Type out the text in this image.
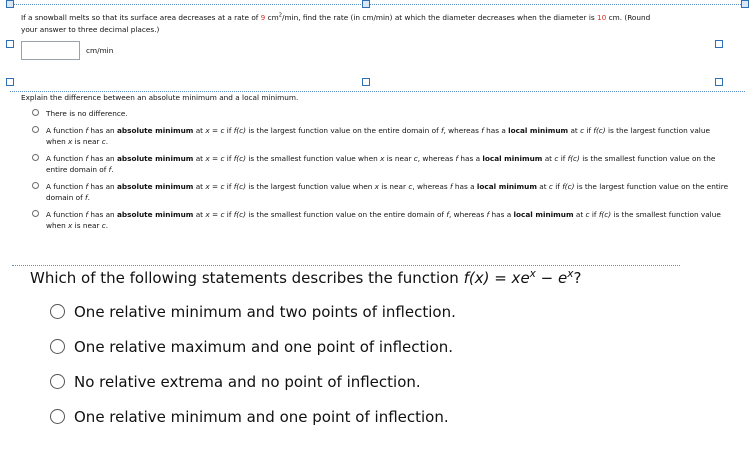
If a snowball melts so that its surface area decreases at a rate of 9 $cm^2/\min$, find the rate (in cm/min) at which the diameter decreases when the diameter is 10 cm. (Round
your answer to three decimal places.)
cm/min
Explain the difference between an absolute minimum and a local minimum.
There is no difference.
A function f has an absolute minimum at x = c if f(c) is the largest function value on the entire domain of f, whereas f has a local minimum at c if f(c) is the largest function value when x is near c.
A function f has an absolute minimum at x = c if f(c) is the smallest function value when x is near c, whereas f has a local minimum at c if f(c) is the smallest function value on the entire domain of f.
A function f has an absolute minimum at x = c if f(c) is the largest function value when x is near c, whereas f has a local minimum at c if f(c) is the largest function value on the entire domain of f.
A function f has an absolute minimum at x = c if f(c) is the smallest function value on the entire domain of f, whereas f has a local minimum at c if f(c) is the smallest function value when x is near c.
Which of the following statements describes the function $f(x) = xe^x - e^x$?
One relative minimum and two points of inflection.
One relative maximum and one point of inflection.
No relative extrema and no point of inflection.
One relative minimum and one point of inflection.
